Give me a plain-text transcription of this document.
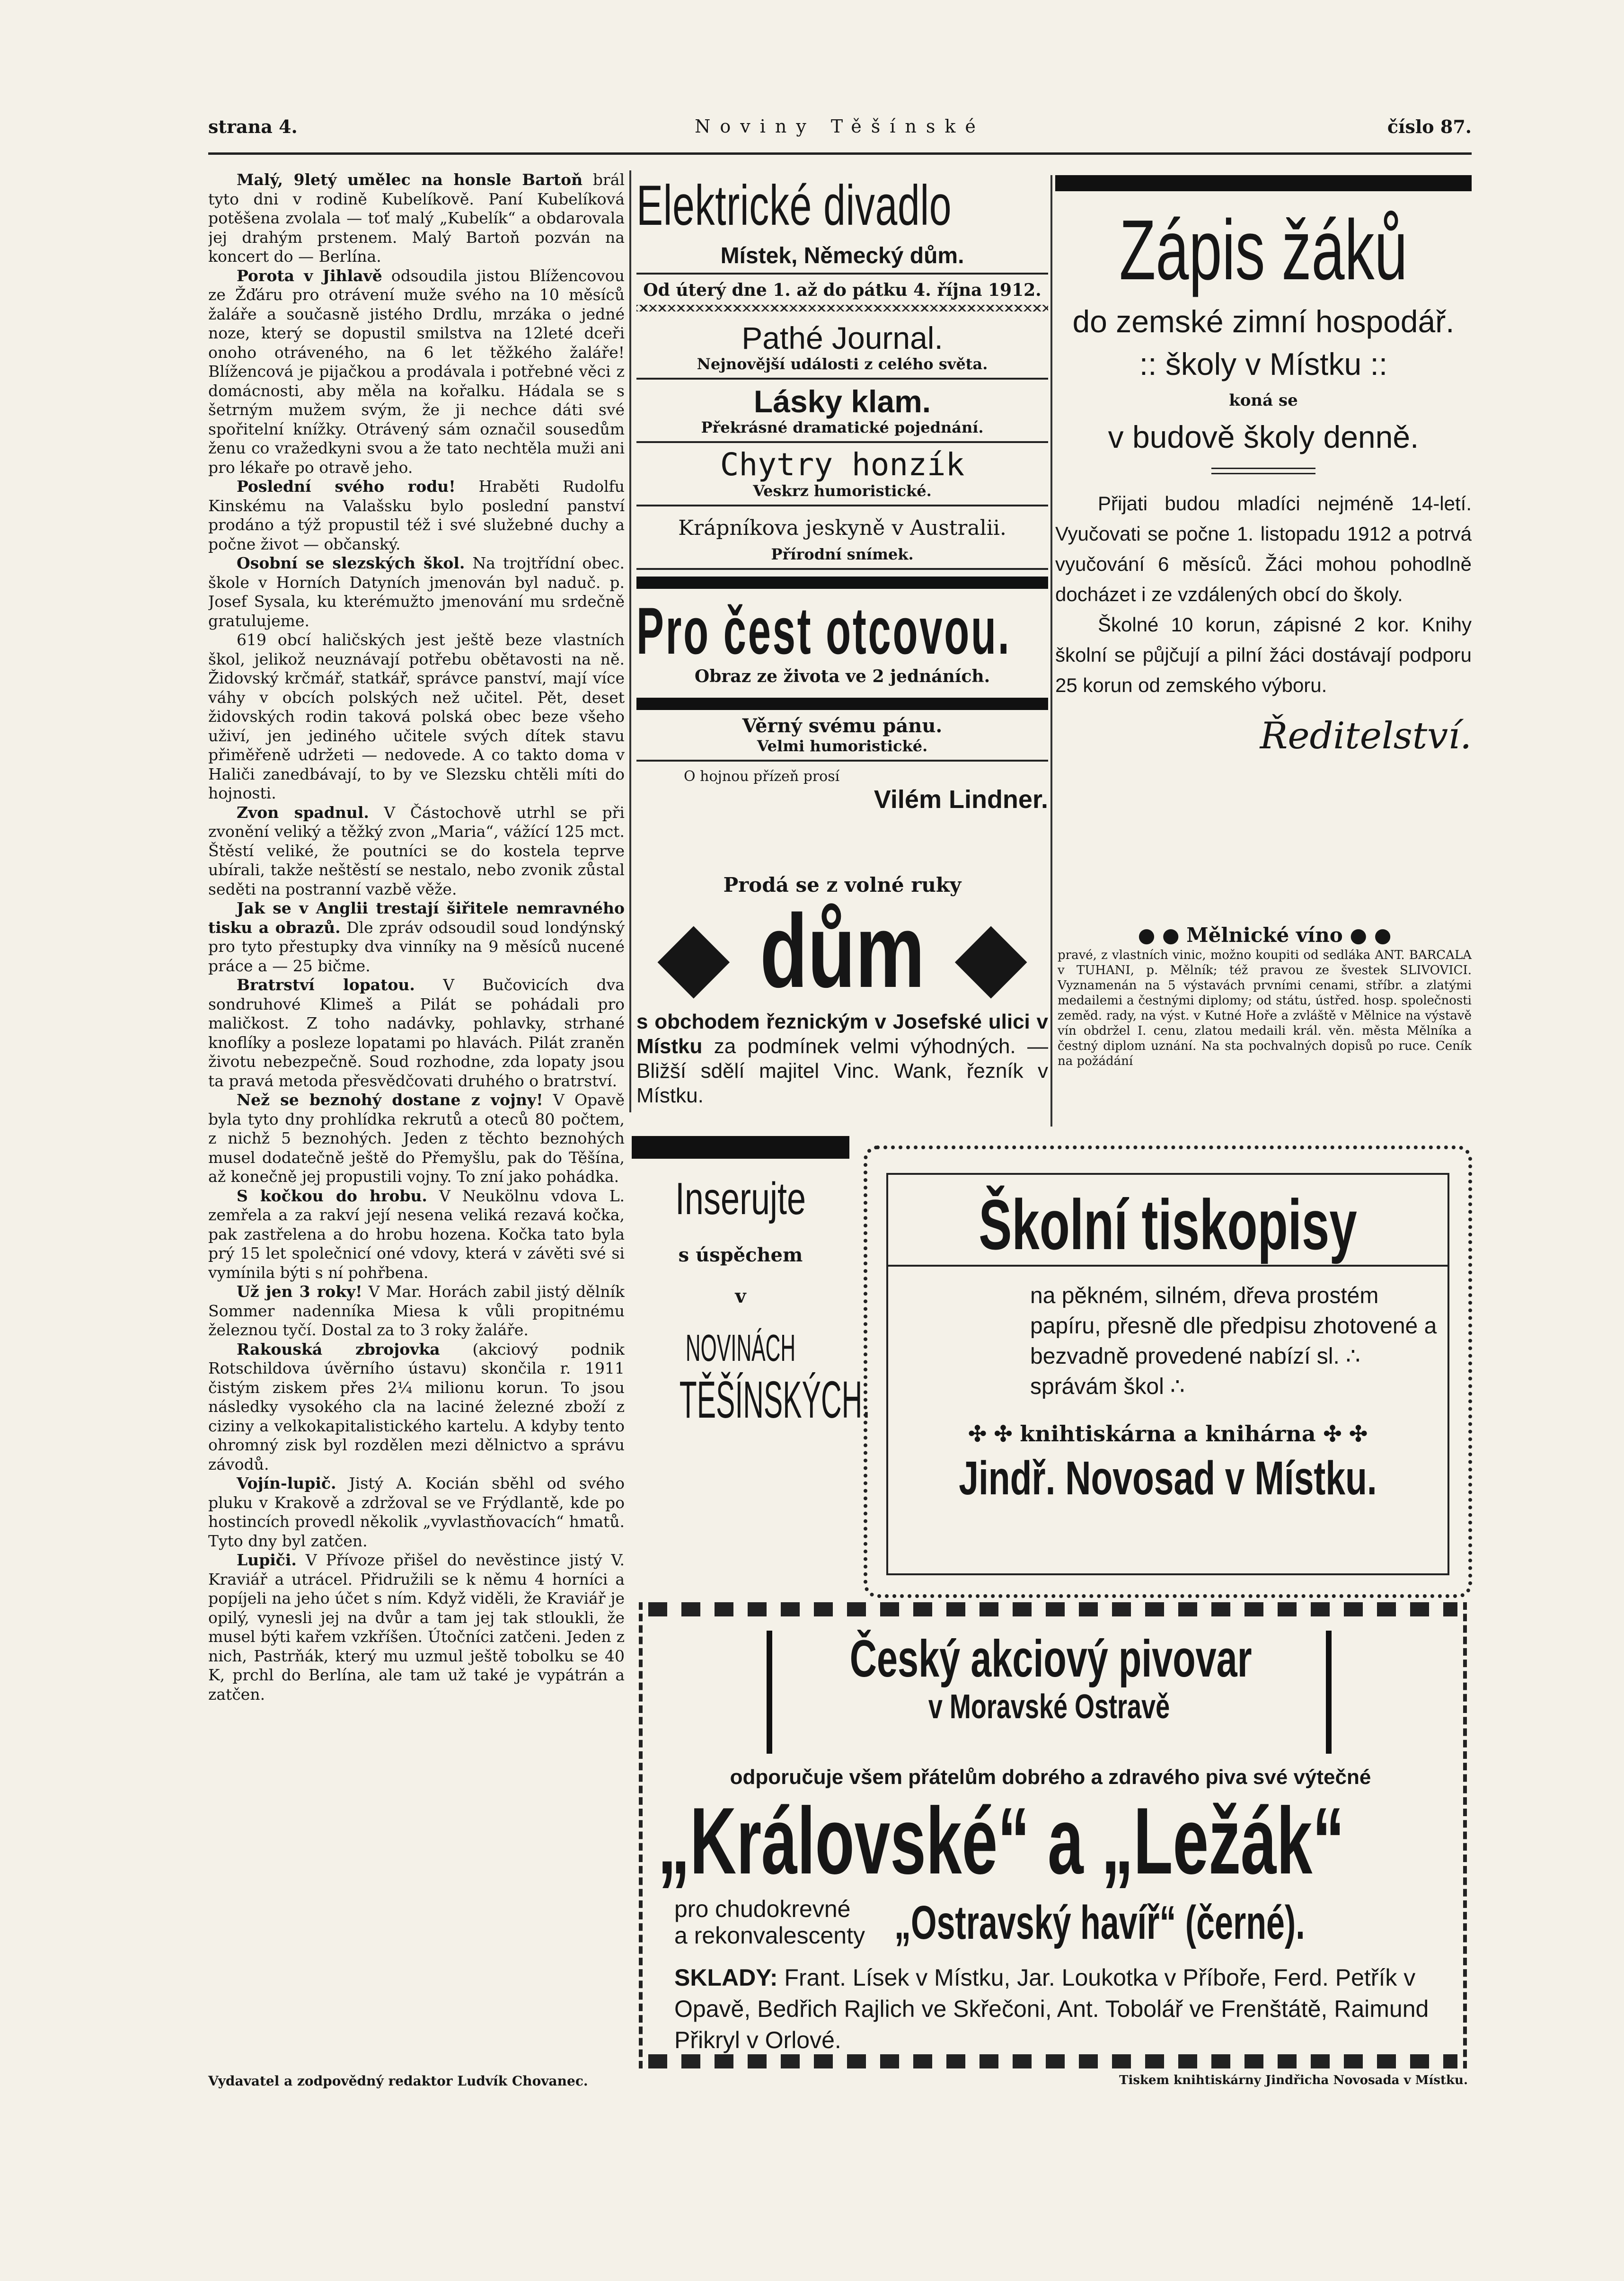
strana 4.	Noviny Těšínské	číslo 87.

Malý, 9letý umělec na honsle Bartoň brál tyto dni v rodině Kubelíkově. Paní Kubelíková potěšena zvolala — toť malý „Kubelík“ a obdarovala jej drahým prstenem. Malý Bartoň pozván na koncert do — Berlína.

Porota v Jihlavě odsoudila jistou Blížencovou ze Žďáru pro otrávení muže svého na 10 měsíců žaláře a současně jistého Drdlu, mrzáka o jedné noze, který se dopustil smilstva na 12leté dceři onoho otráveného, na 6 let těžkého žaláře! Blížencová je pijačkou a prodávala i potřebné věci z domácnosti, aby měla na kořalku. Hádala se s šetrným mužem svým, že ji nechce dáti své spořitelní knížky. Otrávený sám označil sousedům ženu co vražedkyni svou a že tato nechtěla muži ani pro lékaře po otravě jeho.

Poslední svého rodu! Hraběti Rudolfu Kinskému na Valašsku bylo poslední panství prodáno a týž propustil též i své služebné duchy a počne život — občanský.

Osobní se slezských škol. Na trojtřídní obec. škole v Horních Datyních jmenován byl naduč. p. Josef Sysala, ku kterémužto jmenování mu srdečně gratulujeme.

619 obcí haličských jest ještě beze vlastních škol, jelikož neuznávají potřebu obětavosti na ně. Židovský krčmář, statkář, správce panství, mají více váhy v obcích polských než učitel. Pět, deset židovských rodin taková polská obec beze všeho uživí, jen jediného učitele svých dítek stavu přiměřeně udržeti — nedovede. A co takto doma v Haliči zanedbávají, to by ve Slezsku chtěli míti do hojnosti.

Zvon spadnul. V Částochově utrhl se při zvonění veliký a těžký zvon „Maria“, vážící 125 mct. Štěstí veliké, že poutníci se do kostela teprve ubírali, takže neštěstí se nestalo, nebo zvonik zůstal seděti na postranní vazbě věže.

Jak se v Anglii trestají šiřitele nemravného tisku a obrazů. Dle zpráv odsoudil soud londýnský pro tyto přestupky dva vinníky na 9 měsíců nucené práce a — 25 bičme.

Bratrství lopatou. V Bučovicích dva sondruhové Klimeš a Pilát se pohádali pro maličkost. Z toho nadávky, pohlavky, strhané knoflíky a posleze lopatami po hlavách. Pilát zraněn životu nebezpečně. Soud rozhodne, zda lopaty jsou ta pravá metoda přesvědčovati druhého o bratrství.

Než se beznohý dostane z vojny! V Opavě byla tyto dny prohlídka rekrutů a oteců 80 počtem, z nichž 5 beznohých. Jeden z těchto beznohých musel dodatečně ještě do Přemyšlu, pak do Těšína, až konečně jej propustili vojny. To zní jako pohádka.

S kočkou do hrobu. V Neukölnu vdova L. zemřela a za rakví její nesena veliká rezavá kočka, pak zastřelena a do hrobu hozena. Kočka tato byla prý 15 let společnicí oné vdovy, která v závěti své si vymínila býti s ní pohřbena.

Už jen 3 roky! V Mar. Horách zabil jistý dělník Sommer nadenníka Miesa k vůli propitnému železnou tyčí. Dostal za to 3 roky žaláře.

Rakouská zbrojovka (akciový podnik Rotschildova úvěrního ústavu) skončila r. 1911 čistým ziskem přes 2¼ milionu korun. To jsou následky vysokého cla na laciné železné zboží z ciziny a velkokapitalistického kartelu. A kdyby tento ohromný zisk byl rozdělen mezi dělnictvo a správu závodů.

Vojín-lupič. Jistý A. Kocián sběhl od svého pluku v Krakově a zdržoval se ve Frýdlantě, kde po hostincích provedl několik „vyvlastňovacích“ hmatů. Tyto dny byl zatčen.

Lupiči. V Přívoze přišel do nevěstince jistý V. Kraviář a utrácel. Přidružili se k němu 4 horníci a popíjeli na jeho účet s ním. Když viděli, že Kraviář je opilý, vynesli jej na dvůr a tam jej tak stloukli, že musel býti kařem vzkříšen. Útočníci zatčeni. Jeden z nich, Pastrňák, který mu uzmul ještě tobolku se 40 K, prchl do Berlína, ale tam už také je vypátrán a zatčen.

Elektrické divadlo
Místek, Německý dům.
Od úterý dne 1. až do pátku 4. října 1912.
Pathé Journal.
Nejnovější události z celého světa.
Lásky klam.
Překrásné dramatické pojednání.
Chytry honzík
Veskrz humoristické.
Krápníkova jeskyně v Australii.
Přírodní snímek.
Pro čest otcovou.
Obraz ze života ve 2 jednáních.
Věrný svému pánu.
Velmi humoristické.
O hojnou přízeň prosí
Vilém Lindner.
Zápis žáků
do zemské zimní hospodář.
:: školy v Místku ::
koná se
v budově školy denně.

Přijati budou mladíci nejméně 14-letí. Vyučovati se počne 1. listopadu 1912 a potrvá vyučování 6 měsíců. Žáci mohou pohodlně docházet i ze vzdálených obcí do školy.

Školné 10 korun, zápisné 2 kor. Knihy školní se půjčují a pilní žáci dostávají podporu 25 korun od zemského výboru.

Ředitelství.
Prodá se z volné ruky
◆ dům ◆
s obchodem řeznickým v Josefské ulici v Místku za podmínek velmi výhodných. — Bližší sdělí majitel Vinc. Wank, řezník v Místku.
● ● Mělnické víno ● ●
pravé, z vlastních vinic, možno koupiti od sedláka ANT. BARCALA v TUHANI, p. Mělník; též pravou ze švestek SLIVOVICI. Vyznamenán na 5 výstavách prvními cenami, stříbr. a zlatými medailemi a čestnými diplomy; od státu, ústřed. hosp. společnosti zeměd. rady, na výst. v Kutné Hoře a zvláště v Mělnice na výstavě vín obdržel I. cenu, zlatou medaili král. věn. města Mělníka a čestný diplom uznání. Na sta pochvalných dopisů po ruce. Ceník na požádání
Inserujte
s úspěchem
v
NOVINÁCH
TĚŠÍNSKÝCH.
Školní tiskopisy
na pěkném, silném, dřeva prostém papíru, přesně dle předpisu zhotovené a bezvadně provedené nabízí sl. ∴ správám škol ∴
✣ ✣ knihtiskárna a knihárna ✣ ✣
Jindř. Novosad v Místku.
Český akciový pivovar
v Moravské Ostravě
odporučuje všem přátelům dobrého a zdravého piva své výtečné
„Královské“ a „Ležák“
pro chudokrevné
a rekonvalescenty „Ostravský havíř“ (černé).
SKLADY: Frant. Lísek v Místku, Jar. Loukotka v Příboře, Ferd. Petřík v Opavě, Bedřich Rajlich ve Skřečoni, Ant. Tobolář ve Frenštátě, Raimund Přikryl v Orlové.
Vydavatel a zodpovědný redaktor Ludvík Chovanec.	Tiskem knihtiskárny Jindřicha Novosada v Místku.
